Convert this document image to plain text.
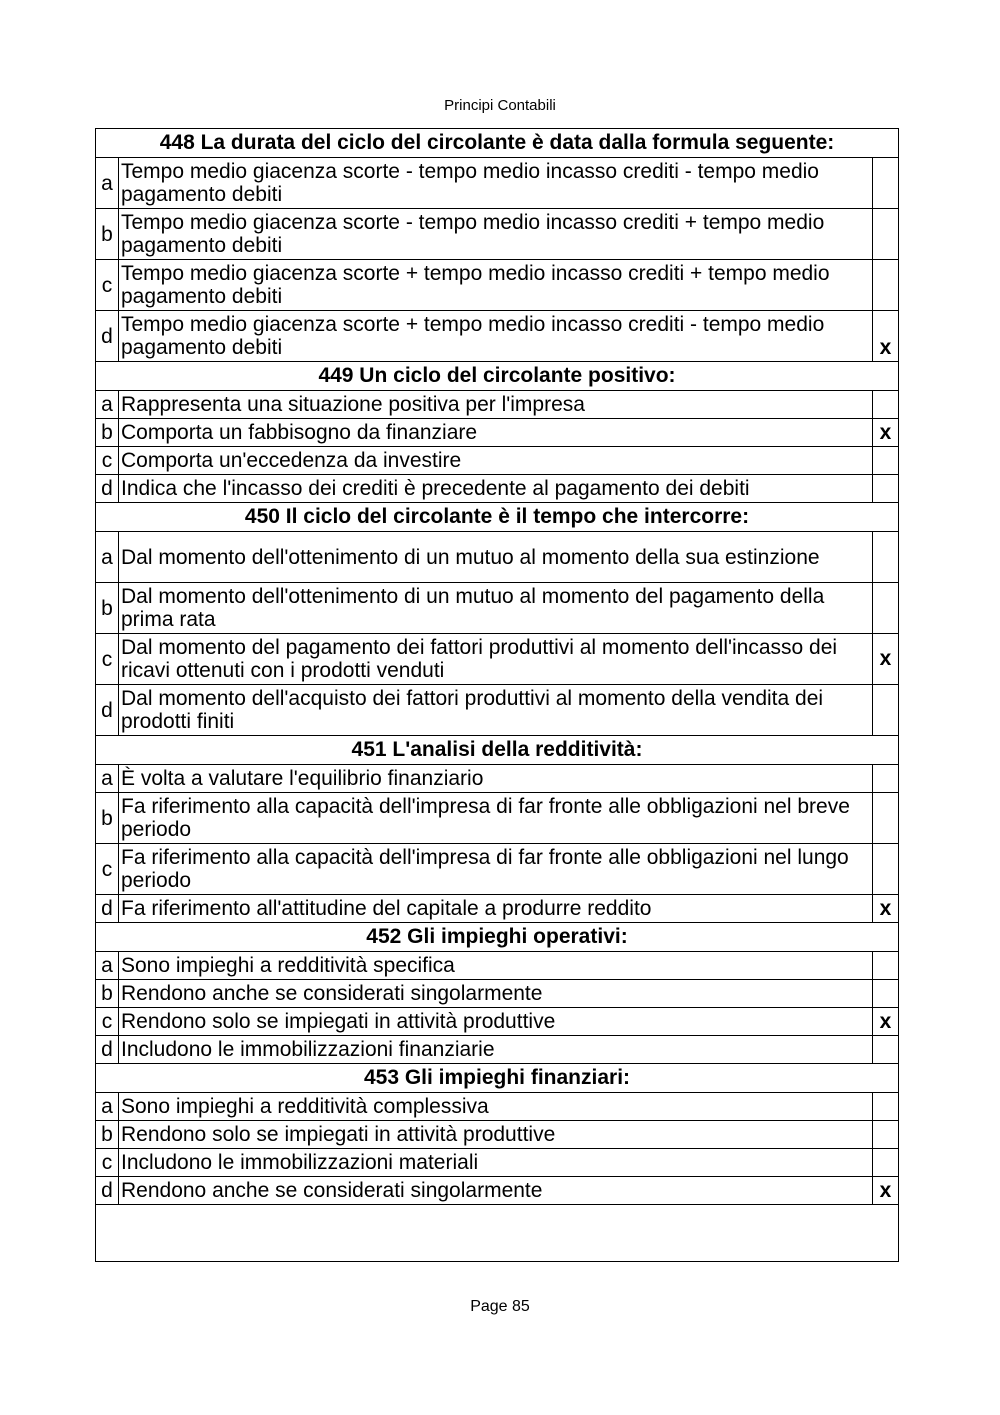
Principi Contabili
448 La durata del ciclo del circolante è data dalla formula seguente:		
a	Tempo medio giacenza scorte - tempo medio incasso crediti - tempo medio pagamento debiti	
b	Tempo medio giacenza scorte - tempo medio incasso crediti + tempo medio pagamento debiti	
c	Tempo medio giacenza scorte + tempo medio incasso crediti + tempo medio pagamento debiti	
d	Tempo medio giacenza scorte + tempo medio incasso crediti - tempo medio pagamento debiti	x
449 Un ciclo del circolante positivo:		
a	Rappresenta una situazione positiva per l'impresa	
b	Comporta un fabbisogno da finanziare	x
c	Comporta un'eccedenza da investire	
d	Indica che l'incasso dei crediti è precedente al pagamento dei debiti	
450 Il ciclo del circolante è il tempo che intercorre:		
a	Dal momento dell'ottenimento di un mutuo al momento della sua estinzione	
b	Dal momento dell'ottenimento di un mutuo al momento del pagamento della prima rata	
c	Dal momento del pagamento dei fattori produttivi al momento dell'incasso dei ricavi ottenuti con i prodotti venduti	x
d	Dal momento dell'acquisto dei fattori produttivi al momento della vendita dei prodotti finiti	
451 L'analisi della redditività:		
a	È volta a valutare l'equilibrio finanziario	
b	Fa riferimento alla capacità dell'impresa di far fronte alle obbligazioni nel breve periodo	
c	Fa riferimento alla capacità dell'impresa di far fronte alle obbligazioni nel lungo periodo	
d	Fa riferimento all'attitudine del capitale a produrre reddito	x
452 Gli impieghi operativi:		
a	Sono impieghi a redditività specifica	
b	Rendono anche se considerati singolarmente	
c	Rendono solo se impiegati in attività produttive	x
d	Includono le immobilizzazioni finanziarie	
453 Gli impieghi finanziari:		
a	Sono impieghi a redditività complessiva	
b	Rendono solo se impiegati in attività produttive	
c	Includono le immobilizzazioni materiali	
d	Rendono anche se considerati singolarmente	x

Page 85
